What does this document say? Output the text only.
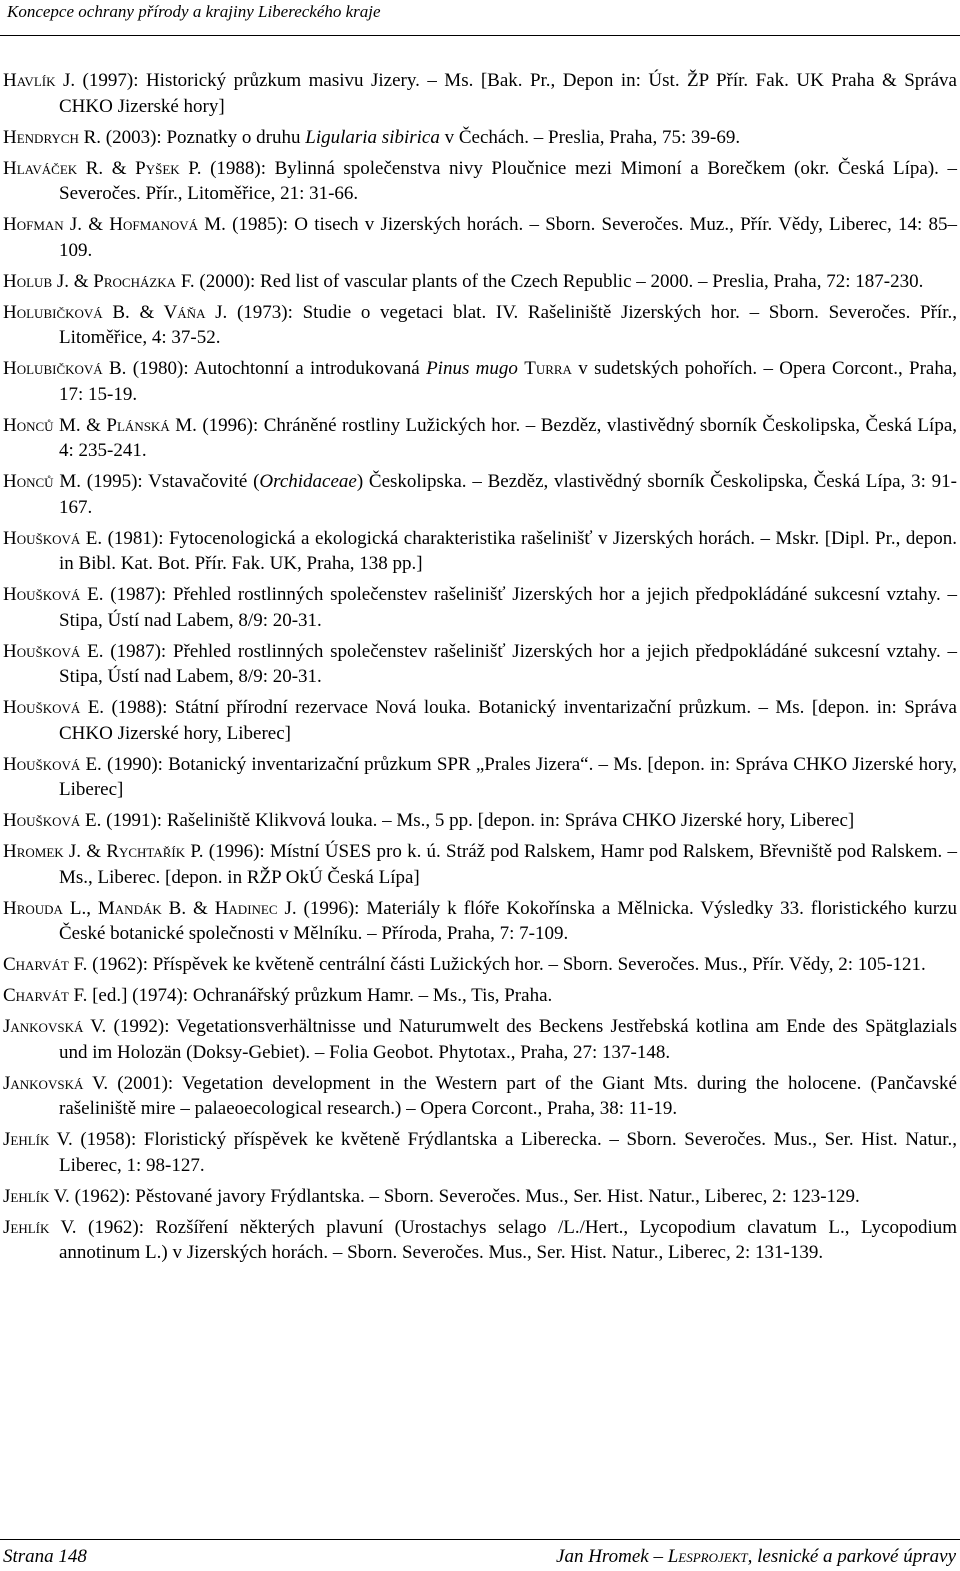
Koncepce ochrany přírody a krajiny Libereckého kraje

Havlík J. (1997): Historický průzkum masivu Jizery. – Ms. [Bak. Pr., Depon in: Úst. ŽP Přír. Fak. UK Praha & Správa CHKO Jizerské hory]

Hendrych R. (2003): Poznatky o druhu Ligularia sibirica v Čechách. – Preslia, Praha, 75: 39-69.

Hlaváček R. & Pyšek P. (1988): Bylinná společenstva nivy Ploučnice mezi Mimoní a Borečkem (okr. Česká Lípa). – Severočes. Přír., Litoměřice, 21: 31-66.

Hofman J. & Hofmanová M. (1985): O tisech v Jizerských horách. – Sborn. Severočes. Muz., Přír. Vědy, Liberec, 14: 85–109.

Holub J. & Procházka F. (2000): Red list of vascular plants of the Czech Republic – 2000. – Preslia, Praha, 72: 187-230.

Holubičková B. & Váňa J. (1973): Studie o vegetaci blat. IV. Rašeliniště Jizerských hor. – Sborn. Severočes. Přír., Litoměřice, 4: 37-52.

Holubičková B. (1980): Autochtonní a introdukovaná Pinus mugo Turra v sudetských pohořích. – Opera Corcont., Praha, 17: 15-19.

Honců M. & Plánská M. (1996): Chráněné rostliny Lužických hor. – Bezděz, vlastivědný sborník Českolipska, Česká Lípa, 4: 235-241.

Honců M. (1995): Vstavačovité (Orchidaceae) Českolipska. – Bezděz, vlastivědný sborník Českolipska, Česká Lípa, 3: 91-167.

Houšková E. (1981): Fytocenologická a ekologická charakteristika rašelinišť v Jizerských horách. – Mskr. [Dipl. Pr., depon. in Bibl. Kat. Bot. Přír. Fak. UK, Praha, 138 pp.]

Houšková E. (1987): Přehled rostlinných společenstev rašelinišť Jizerských hor a jejich předpokládáné sukcesní vztahy. – Stipa, Ústí nad Labem, 8/9: 20-31.

Houšková E. (1987): Přehled rostlinných společenstev rašelinišť Jizerských hor a jejich předpokládáné sukcesní vztahy. – Stipa, Ústí nad Labem, 8/9: 20-31.

Houšková E. (1988): Státní přírodní rezervace Nová louka. Botanický inventarizační průzkum. – Ms. [depon. in: Správa CHKO Jizerské hory, Liberec]

Houšková E. (1990): Botanický inventarizační průzkum SPR „Prales Jizera“. – Ms. [depon. in: Správa CHKO Jizerské hory, Liberec]

Houšková E. (1991): Rašeliniště Klikvová louka. – Ms., 5 pp. [depon. in: Správa CHKO Jizerské hory, Liberec]

Hromek J. & Rychtařík P. (1996): Místní ÚSES pro k. ú. Stráž pod Ralskem, Hamr pod Ralskem, Břevniště pod Ralskem. – Ms., Liberec. [depon. in RŽP OkÚ Česká Lípa]

Hrouda L., Mandák B. & Hadinec J. (1996): Materiály k flóře Kokořínska a Mělnicka. Výsledky 33. floristického kurzu České botanické společnosti v Mělníku. – Příroda, Praha, 7: 7-109.

Charvát F. (1962): Příspěvek ke květeně centrální části Lužických hor. – Sborn. Severočes. Mus., Přír. Vědy, 2: 105-121.

Charvát F. [ed.] (1974): Ochranářský průzkum Hamr. – Ms., Tis, Praha.

Jankovská V. (1992): Vegetationsverhältnisse und Naturumwelt des Beckens Jestřebská kotlina am Ende des Spätglazials und im Holozän (Doksy-Gebiet). – Folia Geobot. Phytotax., Praha, 27: 137-148.

Jankovská V. (2001): Vegetation development in the Western part of the Giant Mts. during the holocene. (Pančavské rašeliniště mire – palaeoecological research.) – Opera Corcont., Praha, 38: 11-19.

Jehlík V. (1958): Floristický příspěvek ke květeně Frýdlantska a Liberecka. – Sborn. Severočes. Mus., Ser. Hist. Natur., Liberec, 1: 98-127.

Jehlík V. (1962): Pěstované javory Frýdlantska. – Sborn. Severočes. Mus., Ser. Hist. Natur., Liberec, 2: 123-129.

Jehlík V. (1962): Rozšíření některých plavuní (Urostachys selago /L./Hert., Lycopodium clavatum L., Lycopodium annotinum L.) v Jizerských horách. – Sborn. Severočes. Mus., Ser. Hist. Natur., Liberec, 2: 131-139.

Strana 148	Jan Hromek – Lesprojekt, lesnické a parkové úpravy
